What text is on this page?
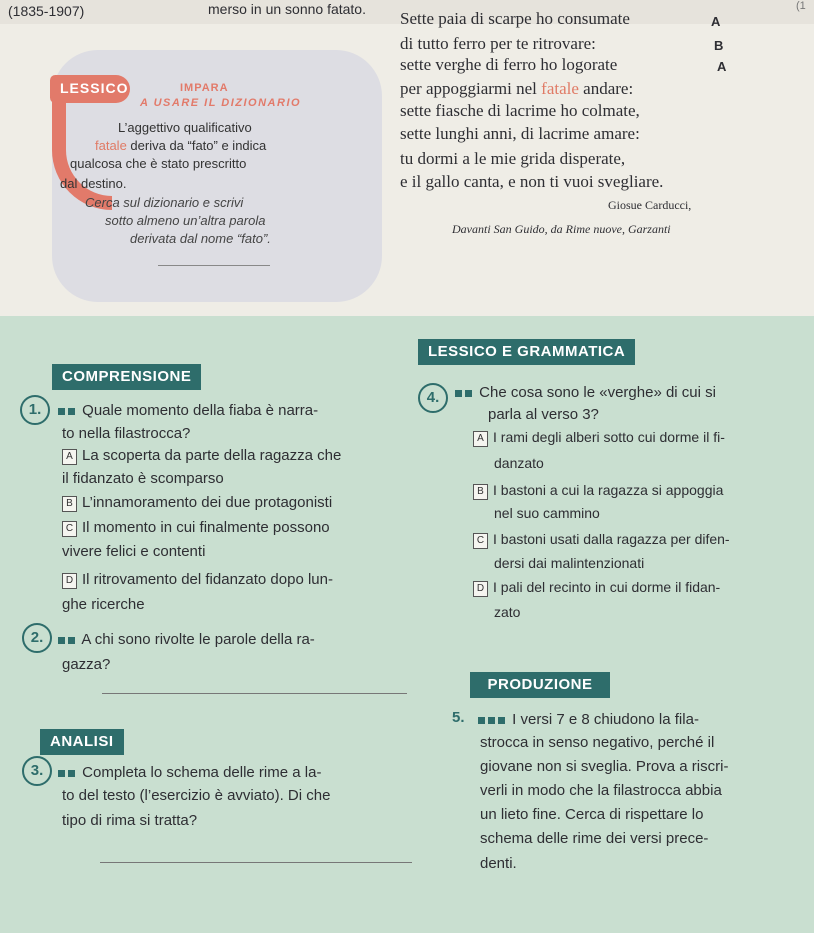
(1835-1907)	merso in un sonno fatato.	(1
Sette paia di scarpe ho consumate
di tutto ferro per te ritrovare:
sette verghe di ferro ho logorate
per appoggiarmi nel fatale andare:
sette fiasche di lacrime ho colmate,
sette lunghi anni, di lacrime amare:
tu dormi a le mie grida disperate,
e il gallo canta, e non ti vuoi svegliare.
A
B
A
Giosue Carducci,
Davanti San Guido, da Rime nuove, Garzanti
LESSICO	IMPARA
A USARE IL DIZIONARIO
L’aggettivo qualificativo
fatale deriva da “fato” e indica
qualcosa che è stato prescritto
dal destino.
Cerca sul dizionario e scrivi
sotto almeno un’altra parola
derivata dal nome “fato”.
COMPRENSIONE
LESSICO E GRAMMATICA
1.	Quale momento della fiaba è narra-
to nella filastrocca?
A La scoperta da parte della ragazza che
il fidanzato è scomparso
B L’innamoramento dei due protagonisti
C Il momento in cui finalmente possono
vivere felici e contenti
D Il ritrovamento del fidanzato dopo lun-
ghe ricerche
2.	A chi sono rivolte le parole della ra-
gazza?
ANALISI
3.	Completa lo schema delle rime a la-
to del testo (l’esercizio è avviato). Di che
tipo di rima si tratta?
4.	Che cosa sono le «verghe» di cui si
parla al verso 3?
A I rami degli alberi sotto cui dorme il fi-
danzato
B I bastoni a cui la ragazza si appoggia
nel suo cammino
C I bastoni usati dalla ragazza per difen-
dersi dai malintenzionati
D I pali del recinto in cui dorme il fidan-
zato
PRODUZIONE
5.	I versi 7 e 8 chiudono la fila-
strocca in senso negativo, perché il
giovane non si sveglia. Prova a riscri-
verli in modo che la filastrocca abbia
un lieto fine. Cerca di rispettare lo
schema delle rime dei versi prece-
denti.
